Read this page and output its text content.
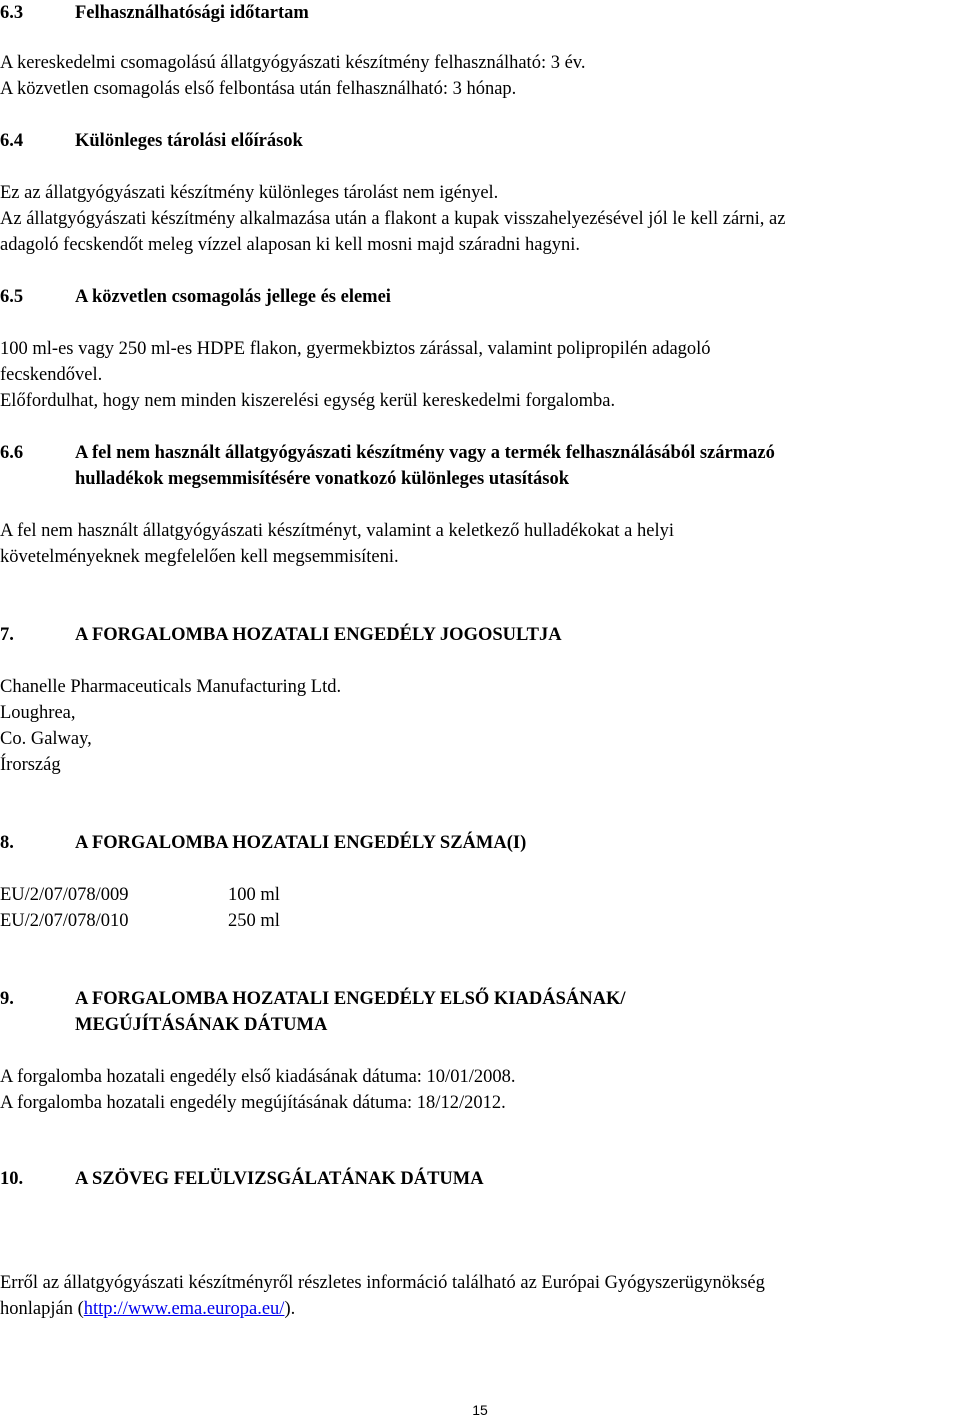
6.3	Felhasználhatósági időtartam
A kereskedelmi csomagolású állatgyógyászati készítmény felhasználható: 3 év.
A közvetlen csomagolás első felbontása után felhasználható: 3 hónap.
6.4	Különleges tárolási előírások
Ez az állatgyógyászati készítmény különleges tárolást nem igényel.
Az állatgyógyászati készítmény alkalmazása után a flakont a kupak visszahelyezésével jól le kell zárni, az
adagoló fecskendőt meleg vízzel alaposan ki kell mosni majd száradni hagyni.
6.5	A közvetlen csomagolás jellege és elemei
100 ml-es vagy 250 ml-es HDPE flakon, gyermekbiztos zárással, valamint polipropilén adagoló
fecskendővel.
Előfordulhat, hogy nem minden kiszerelési egység kerül kereskedelmi forgalomba.
6.6	A fel nem használt állatgyógyászati készítmény vagy a termék felhasználásából származó
hulladékok megsemmisítésére vonatkozó különleges utasítások
A fel nem használt állatgyógyászati készítményt, valamint a keletkező hulladékokat a helyi
követelményeknek megfelelően kell megsemmisíteni.
7.	A FORGALOMBA HOZATALI ENGEDÉLY JOGOSULTJA
Chanelle Pharmaceuticals Manufacturing Ltd.
Loughrea,
Co. Galway,
Írország
8.	A FORGALOMBA HOZATALI ENGEDÉLY SZÁMA(I)
EU/2/07/078/009	100 ml
EU/2/07/078/010	250 ml
9.	A FORGALOMBA HOZATALI ENGEDÉLY ELSŐ KIADÁSÁNAK/
MEGÚJÍTÁSÁNAK DÁTUMA
A forgalomba hozatali engedély első kiadásának dátuma: 10/01/2008.
A forgalomba hozatali engedély megújításának dátuma: 18/12/2012.
10.	A SZÖVEG FELÜLVIZSGÁLATÁNAK DÁTUMA
Erről az állatgyógyászati készítményről részletes információ található az Európai Gyógyszerügynökség
honlapján (http://www.ema.europa.eu/).
15
